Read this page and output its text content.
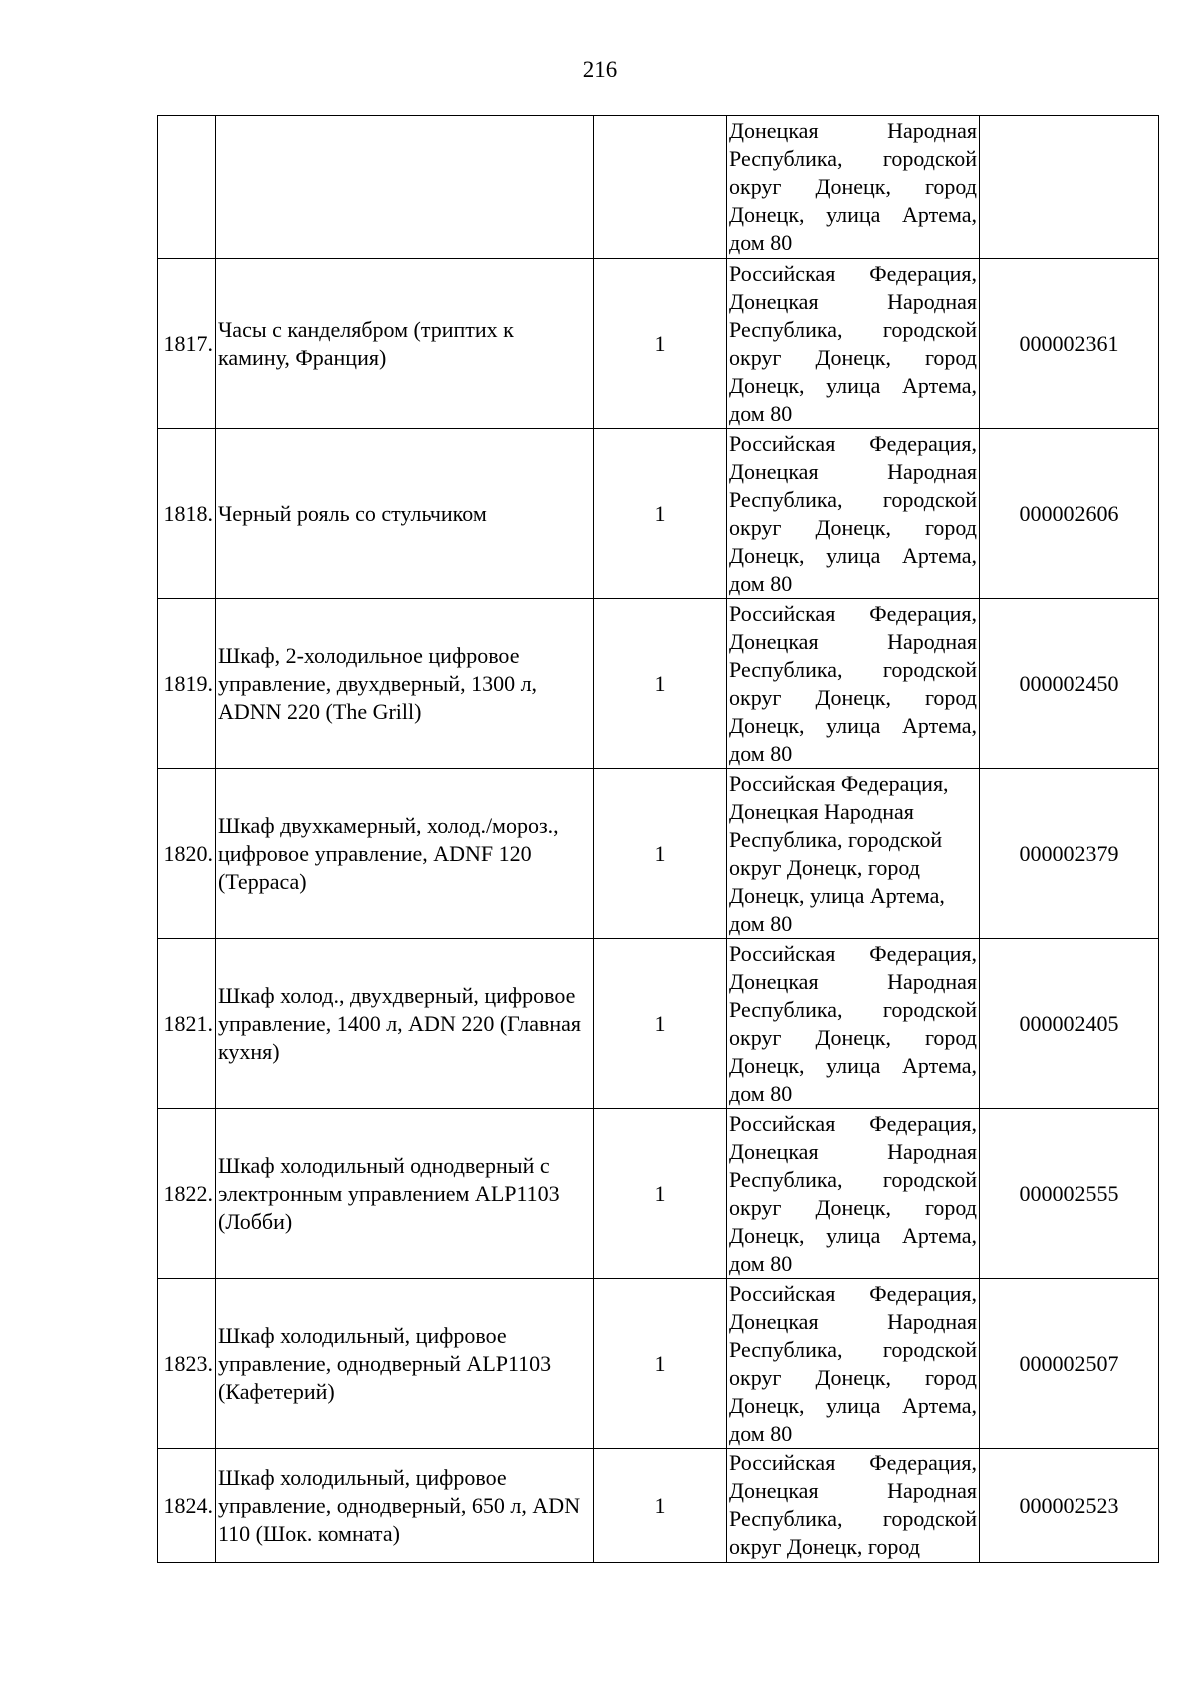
216
			Донецкая Народная Республика, городской округ Донецк, город Донецк, улица Артема, дом 80	
1817.	Часы с канделябром (триптих к камину, Франция)	1	Российская Федерация, Донецкая Народная Республика, городской округ Донецк, город Донецк, улица Артема, дом 80	000002361
1818.	Черный рояль со стульчиком	1	Российская Федерация, Донецкая Народная Республика, городской округ Донецк, город Донецк, улица Артема, дом 80	000002606
1819.	Шкаф, 2-холодильное цифровое управление, двухдверный, 1300 л, ADNN 220 (The Grill)	1	Российская Федерация, Донецкая Народная Республика, городской округ Донецк, город Донецк, улица Артема, дом 80	000002450
1820.	Шкаф двухкамерный, холод./мороз., цифровое управление, ADNF 120 (Терраса)	1	Российская Федерация, Донецкая Народная Республика, городской округ Донецк, город Донецк, улица Артема, дом 80	000002379
1821.	Шкаф холод., двухдверный, цифровое управление, 1400 л, ADN 220 (Главная кухня)	1	Российская Федерация, Донецкая Народная Республика, городской округ Донецк, город Донецк, улица Артема, дом 80	000002405
1822.	Шкаф холодильный однодверный с электронным управлением ALP1103 (Лобби)	1	Российская Федерация, Донецкая Народная Республика, городской округ Донецк, город Донецк, улица Артема, дом 80	000002555
1823.	Шкаф холодильный, цифровое управление, однодверный ALP1103 (Кафетерий)	1	Российская Федерация, Донецкая Народная Республика, городской округ Донецк, город Донецк, улица Артема, дом 80	000002507
1824.	Шкаф холодильный, цифровое управление, однодверный, 650 л, ADN 110 (Шок. комната)	1	Российская Федерация, Донецкая Народная Республика, городской округ Донецк, город	000002523
